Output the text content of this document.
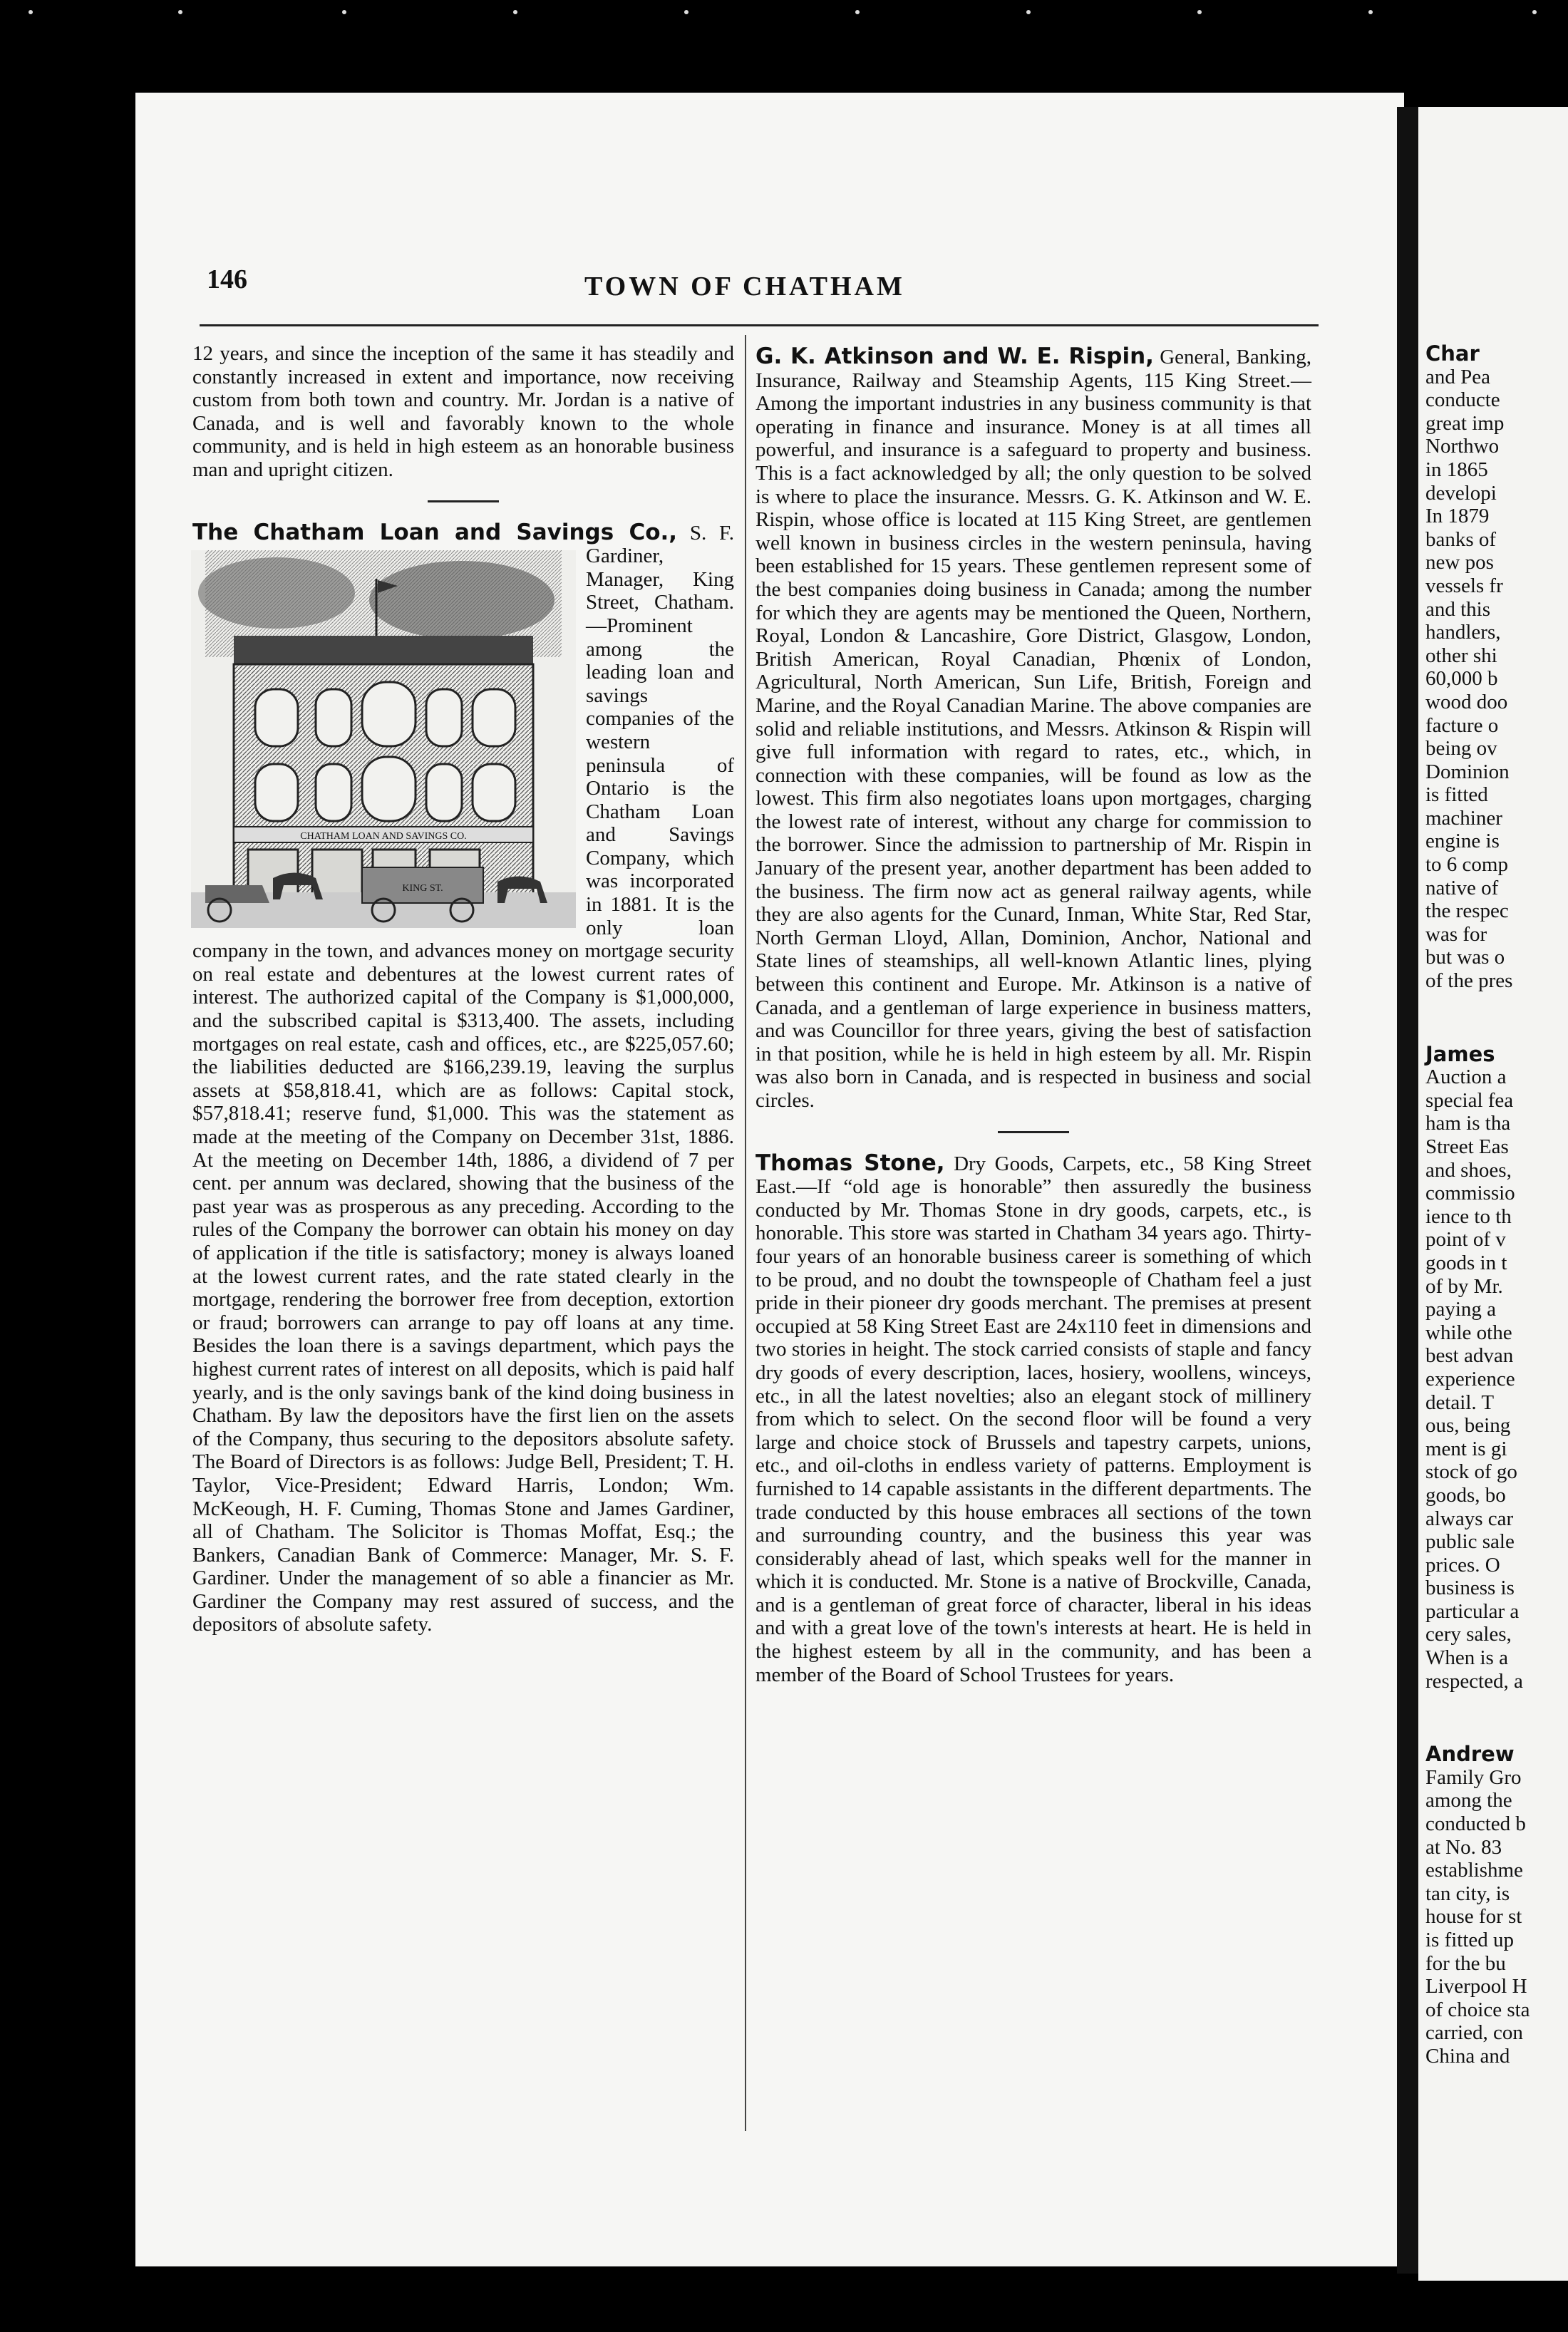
146	TOWN OF CHATHAM

12 years, and since the inception of the same it has steadily and constantly increased in extent and importance, now receiving custom from both town and country. Mr. Jordan is a native of Canada, and is well and favorably known to the whole community, and is held in high esteem as an honorable business man and upright citizen.

The Chatham Loan and Savings Co.,
CHATHAM LOAN AND SAVINGS CO.
KING ST.
S. F. Gardiner, Manager, King Street, Chatham.—Prominent among the leading loan and savings companies of the western peninsula of Ontario is the Chatham Loan and Savings Company, which was incorporated in 1881. It is the only loan company in the town, and advances money on mortgage security on real estate and debentures at the lowest current rates of interest. The authorized capital of the Company is $1,000,000, and the subscribed capital is $313,400. The assets, including mortgages on real estate, cash and offices, etc., are $225,057.60; the liabilities deducted are $166,239.19, leaving the surplus assets at $58,818.41, which are as follows: Capital stock, $57,818.41; reserve fund, $1,000. This was the statement as made at the meeting of the Company on December 31st, 1886. At the meeting on December 14th, 1886, a dividend of 7 per cent. per annum was declared, showing that the business of the past year was as prosperous as any preceding. According to the rules of the Company the borrower can obtain his money on day of application if the title is satisfactory; money is always loaned at the lowest current rates, and the rate stated clearly in the mortgage, rendering the borrower free from deception, extortion or fraud; borrowers can arrange to pay off loans at any time. Besides the loan there is a savings department, which pays the highest current rates of interest on all deposits, which is paid half yearly, and is the only savings bank of the kind doing business in Chatham. By law the depositors have the first lien on the assets of the Company, thus securing to the depositors absolute safety. The Board of Directors is as follows: Judge Bell, President; T. H. Taylor, Vice-President; Edward Harris, London; Wm. McKeough, H. F. Cuming, Thomas Stone and James Gardiner, all of Chatham. The Solicitor is Thomas Moffat, Esq.; the Bankers, Canadian Bank of Commerce: Manager, Mr. S. F. Gardiner. Under the management of so able a financier as Mr. Gardiner the Company may rest assured of success, and the depositors of absolute safety.

G. K. Atkinson and W. E. Rispin, General, Banking, Insurance, Railway and Steamship Agents, 115 King Street.—Among the important industries in any business community is that operating in finance and insurance. Money is at all times all powerful, and insurance is a safeguard to property and business. This is a fact acknowledged by all; the only question to be solved is where to place the insurance. Messrs. G. K. Atkinson and W. E. Rispin, whose office is located at 115 King Street, are gentlemen well known in business circles in the western peninsula, having been established for 15 years. These gentlemen represent some of the best companies doing business in Canada; among the number for which they are agents may be mentioned the Queen, Northern, Royal, London & Lancashire, Gore District, Glasgow, London, British American, Royal Canadian, Phœnix of London, Agricultural, North American, Sun Life, British, Foreign and Marine, and the Royal Canadian Marine. The above companies are solid and reliable institutions, and Messrs. Atkinson & Rispin will give full information with regard to rates, etc., which, in connection with these companies, will be found as low as the lowest. This firm also negotiates loans upon mortgages, charging the lowest rate of interest, without any charge for commission to the borrower. Since the admission to partnership of Mr. Rispin in January of the present year, another department has been added to the business. The firm now act as general railway agents, while they are also agents for the Cunard, Inman, White Star, Red Star, North German Lloyd, Allan, Dominion, Anchor, National and State lines of steamships, all well-known Atlantic lines, plying between this continent and Europe. Mr. Atkinson is a native of Canada, and a gentleman of large experience in business matters, and was Councillor for three years, giving the best of satisfaction in that position, while he is held in high esteem by all. Mr. Rispin was also born in Canada, and is respected in business and social circles.

Thomas Stone, Dry Goods, Carpets, etc., 58 King Street East.—If “old age is honorable” then assuredly the business conducted by Mr. Thomas Stone in dry goods, carpets, etc., is honorable. This store was started in Chatham 34 years ago. Thirty-four years of an honorable business career is something of which to be proud, and no doubt the townspeople of Chatham feel a just pride in their pioneer dry goods merchant. The premises at present occupied at 58 King Street East are 24x110 feet in dimensions and two stories in height. The stock carried consists of staple and fancy dry goods of every description, laces, hosiery, woollens, winceys, etc., in all the latest novelties; also an elegant stock of millinery from which to select. On the second floor will be found a very large and choice stock of Brussels and tapestry carpets, unions, etc., and oil-cloths in endless variety of patterns. Employment is furnished to 14 capable assistants in the different departments. The trade conducted by this house embraces all sections of the town and surrounding country, and the business this year was considerably ahead of last, which speaks well for the manner in which it is conducted. Mr. Stone is a native of Brockville, Canada, and is a gentleman of great force of character, liberal in his ideas and with a great love of the town's interests at heart. He is held in the highest esteem by all in the community, and has been a member of the Board of School Trustees for years.

Char
and Pea
conducte
great imp
Northwo
in 1865
developi
In 1879
banks of
new pos
vessels fr
and this
handlers,
other shi
60,000 b
wood doo
facture o
being ov
Dominion
is fitted
machiner
engine is
to 6 comp
native of
the respec
was for
but was o
of the pres
James
Auction a
special fea
ham is tha
Street Eas
and shoes,
commissio
ience to th
point of v
goods in t
of by Mr.
paying a
while othe
best advan
experience
detail. T
ous, being
ment is gi
stock of go
goods, bo
always car
public sale
prices. O
business is
particular a
cery sales,
When is a
respected, a
Andrew
Family Gro
among the
conducted b
at No. 83
establishme
tan city, is
house for st
is fitted up
for the bu
Liverpool H
of choice sta
carried, con
China and
